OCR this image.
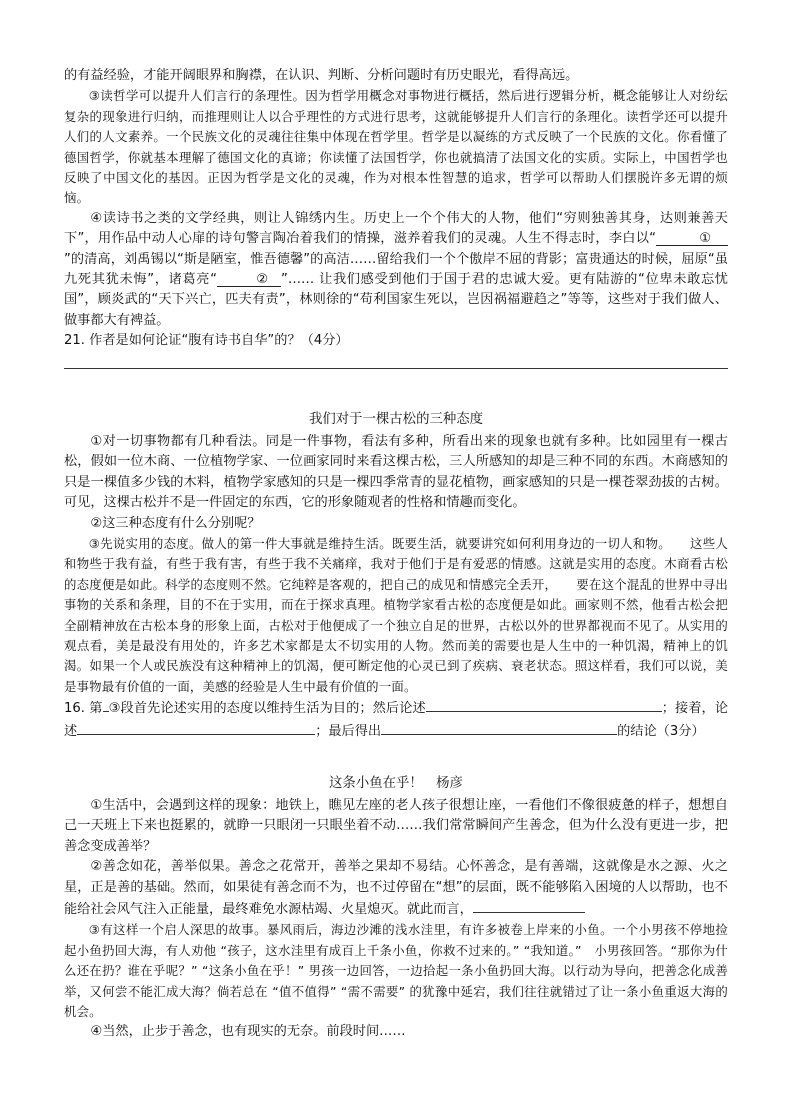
的有益经验，才能开阔眼界和胸襟，在认识、判断、分析问题时有历史眼光，看得高远。

③读哲学可以提升人们言行的条理性。因为哲学用概念对事物进行概括，然后进行逻辑分析，概念能够让人对纷纭复杂的现象进行归纳，而推理则让人以合乎理性的方式进行思考，这就能够提升人们言行的条理化。读哲学还可以提升人们的人文素养。一个民族文化的灵魂往往集中体现在哲学里。哲学是以凝练的方式反映了一个民族的文化。你看懂了德国哲学，你就基本理解了德国文化的真谛；你读懂了法国哲学，你也就搞清了法国文化的实质。实际上，中国哲学也反映了中国文化的基因。正因为哲学是文化的灵魂，作为对根本性智慧的追求，哲学可以帮助人们摆脱许多无谓的烦恼。

④读诗书之类的文学经典，则让人锦绣内生。历史上一个个伟大的人物，他们“穷则独善其身，达则兼善天下”，用作品中动人心扉的诗句警言陶冶着我们的情操，滋养着我们的灵魂。人生不得志时，李白以“	①”的清高，刘禹锡以“斯是陋室，惟吾德馨”的高洁……留给我们一个个傲岸不屈的背影；富贵通达的时候，屈原“虽九死其犹未悔”，诸葛亮“	② ”…… 让我们感受到他们于国于君的忠诚大爱。更有陆游的“位卑未敢忘忧国”，顾炎武的“天下兴亡，匹夫有责”，林则徐的“苟利国家生死以，岂因祸福避趋之”等等，这些对于我们做人、做事都大有裨益。

21. 作者是如何论证“腹有诗书自华”的？（4分）

我们对于一棵古松的三种态度

①对一切事物都有几种看法。同是一件事物，看法有多种，所看出来的现象也就有多种。比如园里有一棵古松，假如一位木商、一位植物学家、一位画家同时来看这棵古松，三人所感知的却是三种不同的东西。木商感知的只是一棵值多少钱的木料，植物学家感知的只是一棵四季常青的显花植物，画家感知的只是一棵苍翠劲拔的古树。可见，这棵古松并不是一件固定的东西，它的形象随观者的性格和情趣而变化。

②这三种态度有什么分别呢？

③先说实用的态度。做人的第一件大事就是维持生活。既要生活，就要讲究如何利用身边的一切人和物。　　这些人和物些于我有益，有些于我有害，有些于我不关痛痒，我对于他们于是有爱恶的情感。这就是实用的态度。木商看古松的态度便是如此。科学的态度则不然。它纯粹是客观的，把自己的成见和情感完全丢开，　　要在这个混乱的世界中寻出事物的关系和条理，目的不在于实用，而在于探求真理。植物学家看古松的态度便是如此。画家则不然，他看古松会把全副精神放在古松本身的形象上面，古松对于他便成了一个独立自足的世界，古松以外的世界都视而不见了。从实用的观点看，美是最没有用处的，许多艺术家都是太不切实用的人物。然而美的需要也是人生中的一种饥渴，精神上的饥渴。如果一个人或民族没有这种精神上的饥渴，便可断定他的心灵已到了疾病、衰老状态。照这样看，我们可以说，美是事物最有价值的一面，美感的经验是人生中最有价值的一面。

16. 第 ③段首先论述实用的态度以维持生活为目的；然后论述	；接着，论述	；最后得出	的结论（3分）

这条小鱼在乎！　杨彦

①生活中，会遇到这样的现象：地铁上，瞧见左座的老人孩子很想让座，一看他们不像很疲惫的样子，想想自己一天班上下来也挺累的，就睁一只眼闭一只眼坐着不动……我们常常瞬间产生善念，但为什么没有更进一步，把善念变成善举？

②善念如花，善举似果。善念之花常开，善举之果却不易结。心怀善念，是有善端，这就像是水之源、火之星，正是善的基础。然而，如果徒有善念而不为，也不过停留在“想”的层面，既不能够陷入困境的人以帮助，也不能给社会风气注入正能量，最终难免水源枯竭、火星熄灭。就此而言，

③有这样一个启人深思的故事。暴风雨后，海边沙滩的浅水洼里，有许多被卷上岸来的小鱼。一个小男孩不停地捡起小鱼扔回大海，有人劝他 “孩子，这水洼里有成百上千条小鱼，你救不过来的。” “我知道。”　小男孩回答。“那你为什么还在扔？谁在乎呢？” “这条小鱼在乎！” 男孩一边回答，一边拾起一条小鱼扔回大海。以行动为导向，把善念化成善举，又何尝不能汇成大海？倘若总在 “值不值得” “需不需要” 的犹豫中延宕，我们往往就错过了让一条小鱼重返大海的机会。

④当然，止步于善念，也有现实的无奈。前段时间……
